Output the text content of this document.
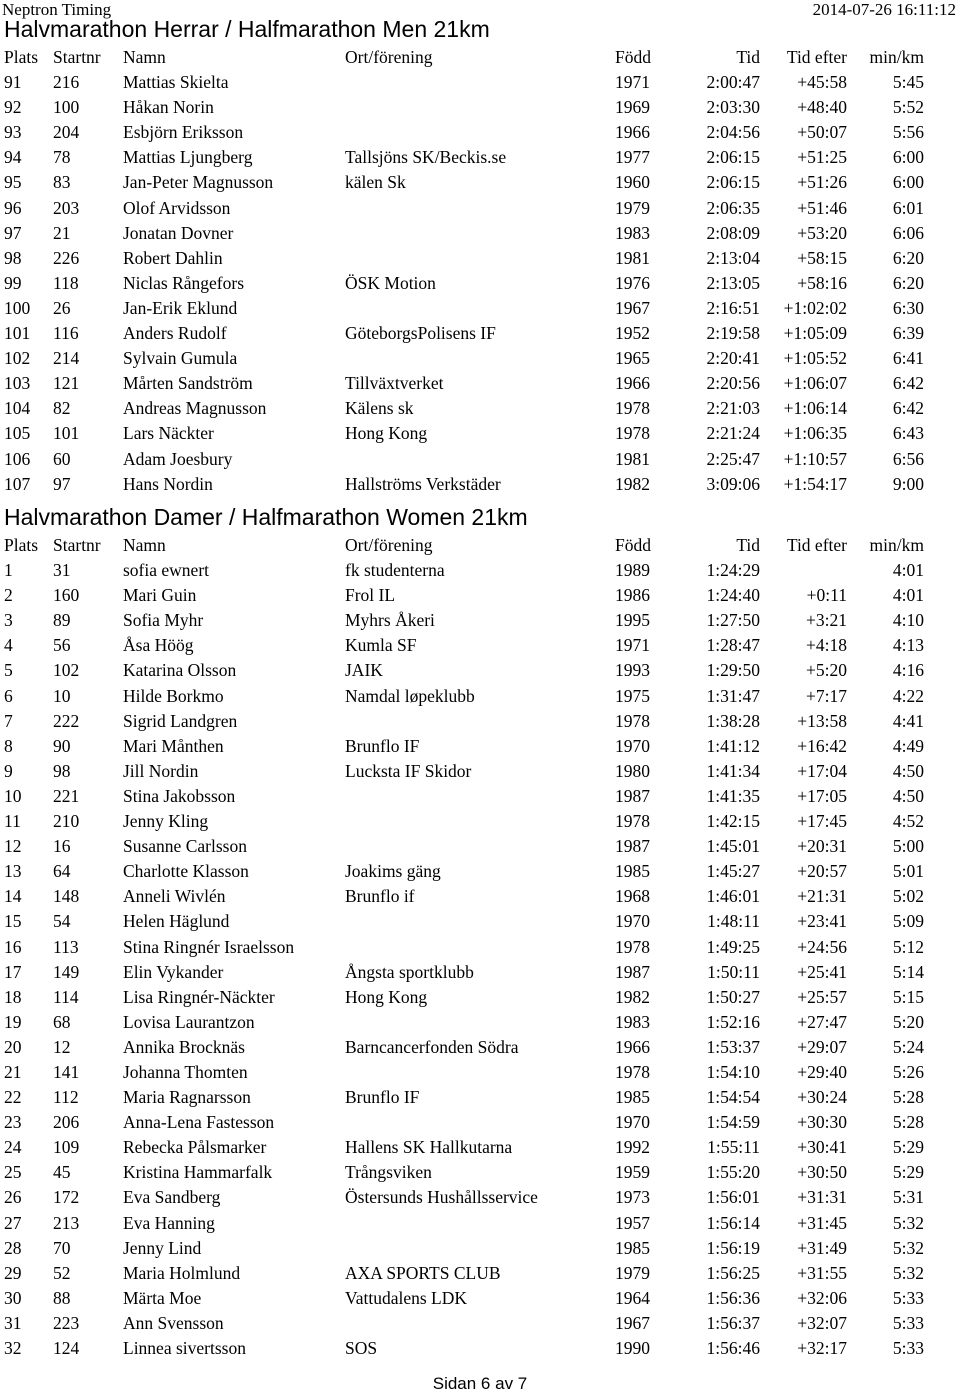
Neptron Timing	2014-07-26 16:11:12
Halvmarathon Herrar / Halfmarathon Men 21km
Plats Startnr Namn	Ort/förening	Född	Tid Tid efter min/km
91 216	Mattias Skielta	1971	2:00:47 +45:58	5:45
92 100	Håkan Norin	1969	2:03:30 +48:40	5:52
93 204	Esbjörn Eriksson	1966	2:04:56 +50:07	5:56
94 78	Mattias Ljungberg	Tallsjöns SK/Beckis.se	1977	2:06:15 +51:25	6:00
95 83	Jan-Peter Magnusson	kälen Sk	1960	2:06:15 +51:26	6:00
96 203	Olof Arvidsson	1979	2:06:35 +51:46	6:01
97 21	Jonatan Dovner	1983	2:08:09 +53:20	6:06
98 226	Robert Dahlin	1981	2:13:04 +58:15	6:20
99 118	Niclas Rångefors	ÖSK Motion	1976	2:13:05 +58:16	6:20
100 26	Jan-Erik Eklund	1967	2:16:51 +1:02:02	6:30
101 116	Anders Rudolf	GöteborgsPolisens IF	1952	2:19:58 +1:05:09	6:39
102 214	Sylvain Gumula	1965	2:20:41 +1:05:52	6:41
103 121	Mårten Sandström	Tillväxtverket	1966	2:20:56 +1:06:07	6:42
104 82	Andreas Magnusson	Kälens sk	1978	2:21:03 +1:06:14	6:42
105 101	Lars Näckter	Hong Kong	1978	2:21:24 +1:06:35	6:43
106 60	Adam Joesbury	1981	2:25:47 +1:10:57	6:56
107 97	Hans Nordin	Hallströms Verkstäder	1982	3:09:06 +1:54:17	9:00
Halvmarathon Damer / Halfmarathon Women 21km
Plats Startnr Namn	Ort/förening	Född	Tid Tid efter min/km
1 31	sofia ewnert	fk studenterna	1989	1:24:29	4:01
2 160	Mari Guin	Frol IL	1986	1:24:40	+0:11	4:01
3 89	Sofia Myhr	Myhrs Åkeri	1995	1:27:50	+3:21	4:10
4 56	Åsa Höög	Kumla SF	1971	1:28:47	+4:18	4:13
5 102	Katarina Olsson	JAIK	1993	1:29:50	+5:20	4:16
6 10	Hilde Borkmo	Namdal løpeklubb	1975	1:31:47	+7:17	4:22
7 222	Sigrid Landgren	1978	1:38:28 +13:58	4:41
8 90	Mari Månthen	Brunflo IF	1970	1:41:12 +16:42	4:49
9 98	Jill Nordin	Lucksta IF Skidor	1980	1:41:34 +17:04	4:50
10 221	Stina Jakobsson	1987	1:41:35 +17:05	4:50
11 210	Jenny Kling	1978	1:42:15 +17:45	4:52
12 16	Susanne Carlsson	1987	1:45:01 +20:31	5:00
13 64	Charlotte Klasson	Joakims gäng	1985	1:45:27 +20:57	5:01
14 148	Anneli Wivlén	Brunflo if	1968	1:46:01 +21:31	5:02
15 54	Helen Häglund	1970	1:48:11 +23:41	5:09
16 113	Stina Ringnér Israelsson	1978	1:49:25 +24:56	5:12
17 149	Elin Vykander	Ångsta sportklubb	1987	1:50:11 +25:41	5:14
18 114	Lisa Ringnér-Näckter	Hong Kong	1982	1:50:27 +25:57	5:15
19 68	Lovisa Laurantzon	1983	1:52:16 +27:47	5:20
20 12	Annika Brocknäs	Barncancerfonden Södra	1966	1:53:37 +29:07	5:24
21 141	Johanna Thomten	1978	1:54:10 +29:40	5:26
22 112	Maria Ragnarsson	Brunflo IF	1985	1:54:54 +30:24	5:28
23 206	Anna-Lena Fastesson	1970	1:54:59 +30:30	5:28
24 109	Rebecka Pålsmarker	Hallens SK Hallkutarna	1992	1:55:11 +30:41	5:29
25 45	Kristina Hammarfalk	Trångsviken	1959	1:55:20 +30:50	5:29
26 172	Eva Sandberg	Östersunds Hushållsservice	1973	1:56:01 +31:31	5:31
27 213	Eva Hanning	1957	1:56:14 +31:45	5:32
28 70	Jenny Lind	1985	1:56:19 +31:49	5:32
29 52	Maria Holmlund	AXA SPORTS CLUB	1979	1:56:25 +31:55	5:32
30 88	Märta Moe	Vattudalens LDK	1964	1:56:36 +32:06	5:33
31 223	Ann Svensson	1967	1:56:37 +32:07	5:33
32 124	Linnea sivertsson	SOS	1990	1:56:46 +32:17	5:33
Sidan 6 av 7
